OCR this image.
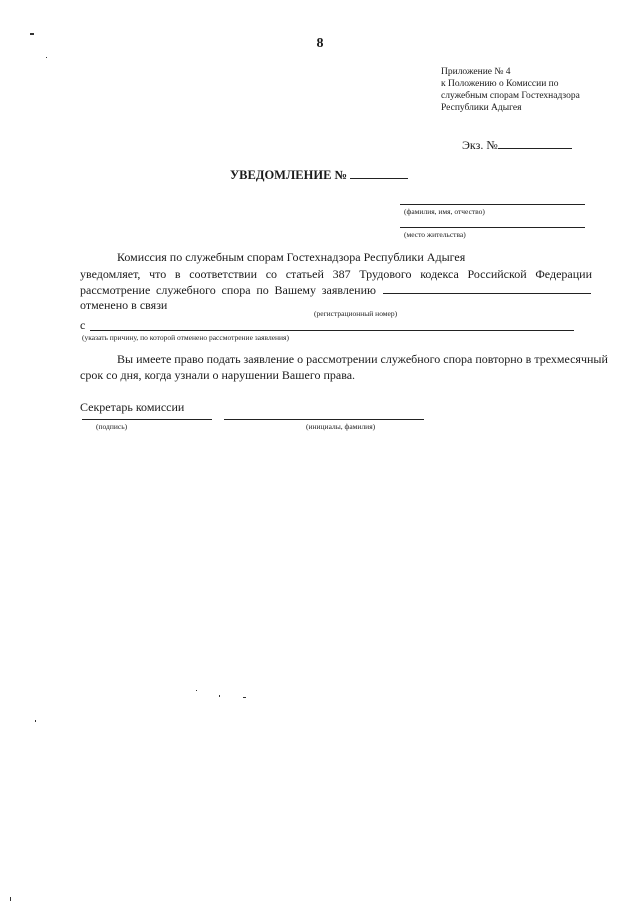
8
Приложение № 4
к Положению о Комиссии по
служебным спорам Гостехнадзора
Республики Адыгея
Экз. №
УВЕДОМЛЕНИЕ №
(фамилия, имя, отчество)
(место жительства)
Комиссия по служебным спорам Гостехнадзора Республики Адыгея
уведомляет, что в соответствии со статьей 387 Трудового кодекса Российской Федерации
рассмотрение служебного спора по Вашему заявлению
отменено в связи
(регистрационный номер)
с
(указать причину, по которой отменено рассмотрение заявления)
Вы имеете право подать заявление о рассмотрении служебного спора повторно в трехмесячный
срок со дня, когда узнали о нарушении Вашего права.
Секретарь комиссии
(подпись)	(инициалы, фамилия)
